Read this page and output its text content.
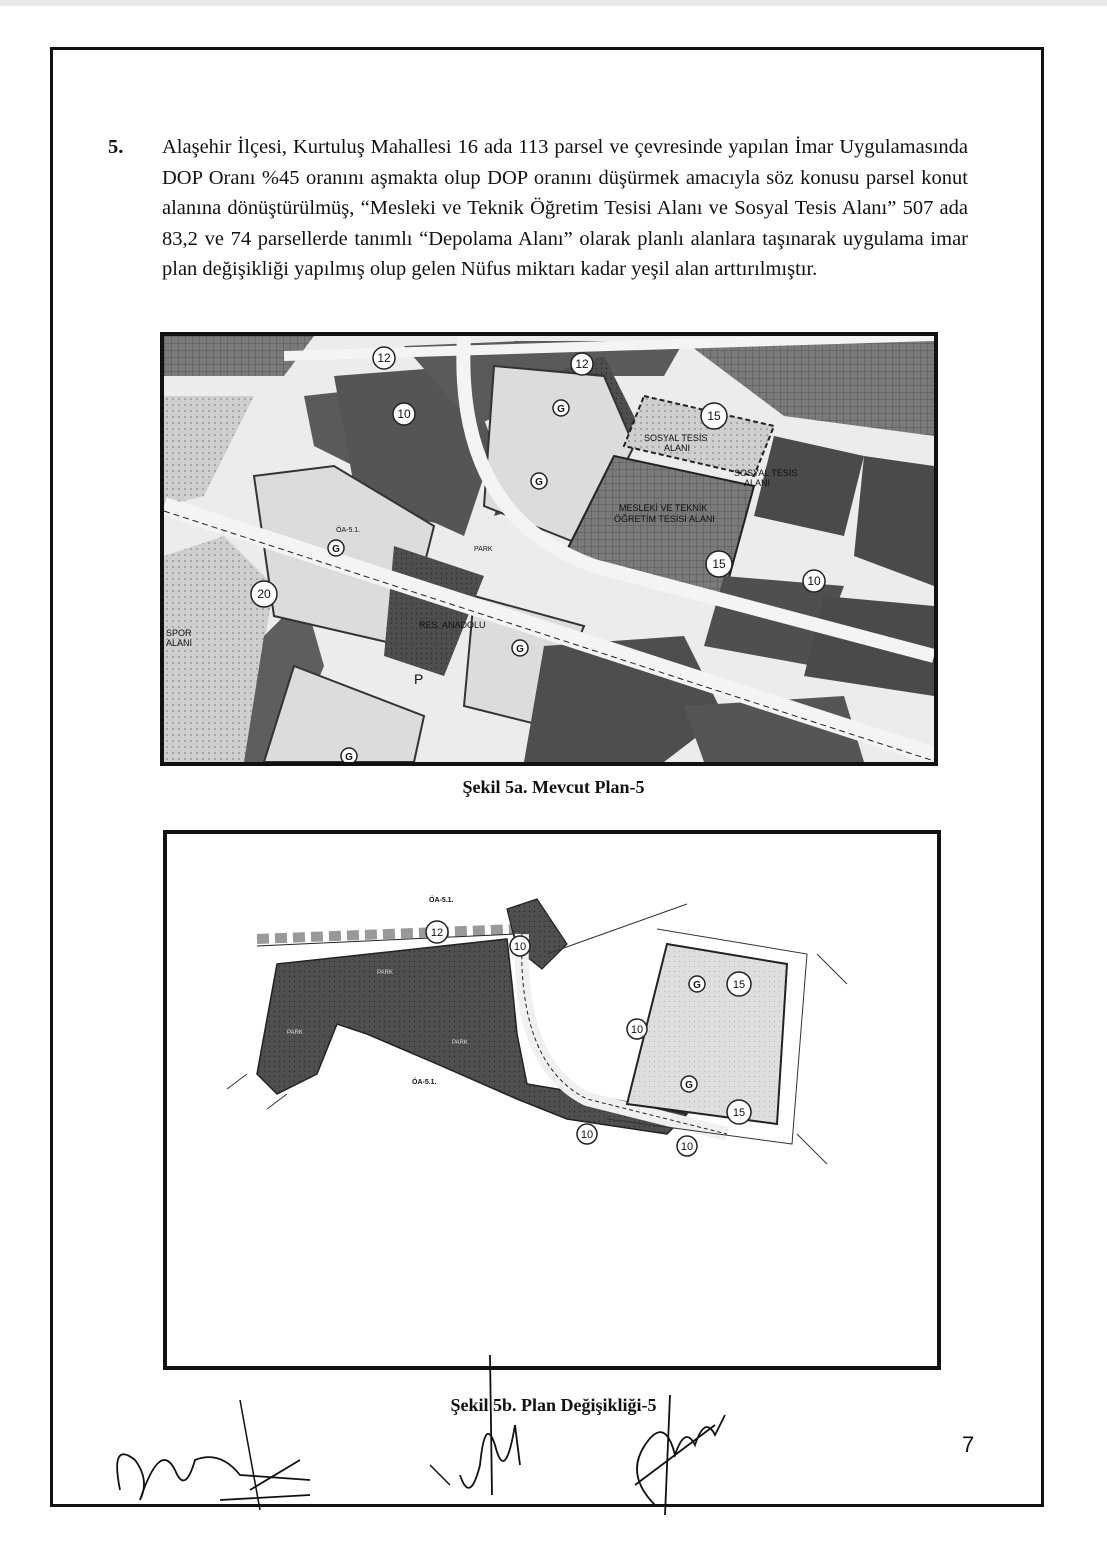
5. Alaşehir İlçesi, Kurtuluş Mahallesi 16 ada 113 parsel ve çevresinde yapılan İmar Uygulamasında DOP Oranı %45 oranını aşmakta olup DOP oranını düşürmek amacıyla söz konusu parsel konut alanına dönüştürülmüş, “Mesleki ve Teknik Öğretim Tesisi Alanı ve Sosyal Tesis Alanı” 507 ada 83,2 ve 74 parsellerde tanımlı “Depolama Alanı” olarak planlı alanlara taşınarak uygulama imar plan değişikliği yapılmış olup gelen Nüfus miktarı kadar yeşil alan arttırılmıştır.
12	12
10	15
20
10
15
G
G
G
G
G
SOSYAL TESİS
ALANI
SOSYAL TESİS
ALANI
MESLEKİ VE TEKNİK
ÖĞRETİM TESİSİ ALANI
PARK
ÖA-5.1.
SPOR
ALANI
P
RES. ANADOLU
Şekil 5a. Mevcut Plan-5
12
10
15
10
15
10
10
G
G
ÖA-5.1.
ÖA-5.1.
PARK
PARK
PARK
Şekil 5b. Plan Değişikliği-5
7
